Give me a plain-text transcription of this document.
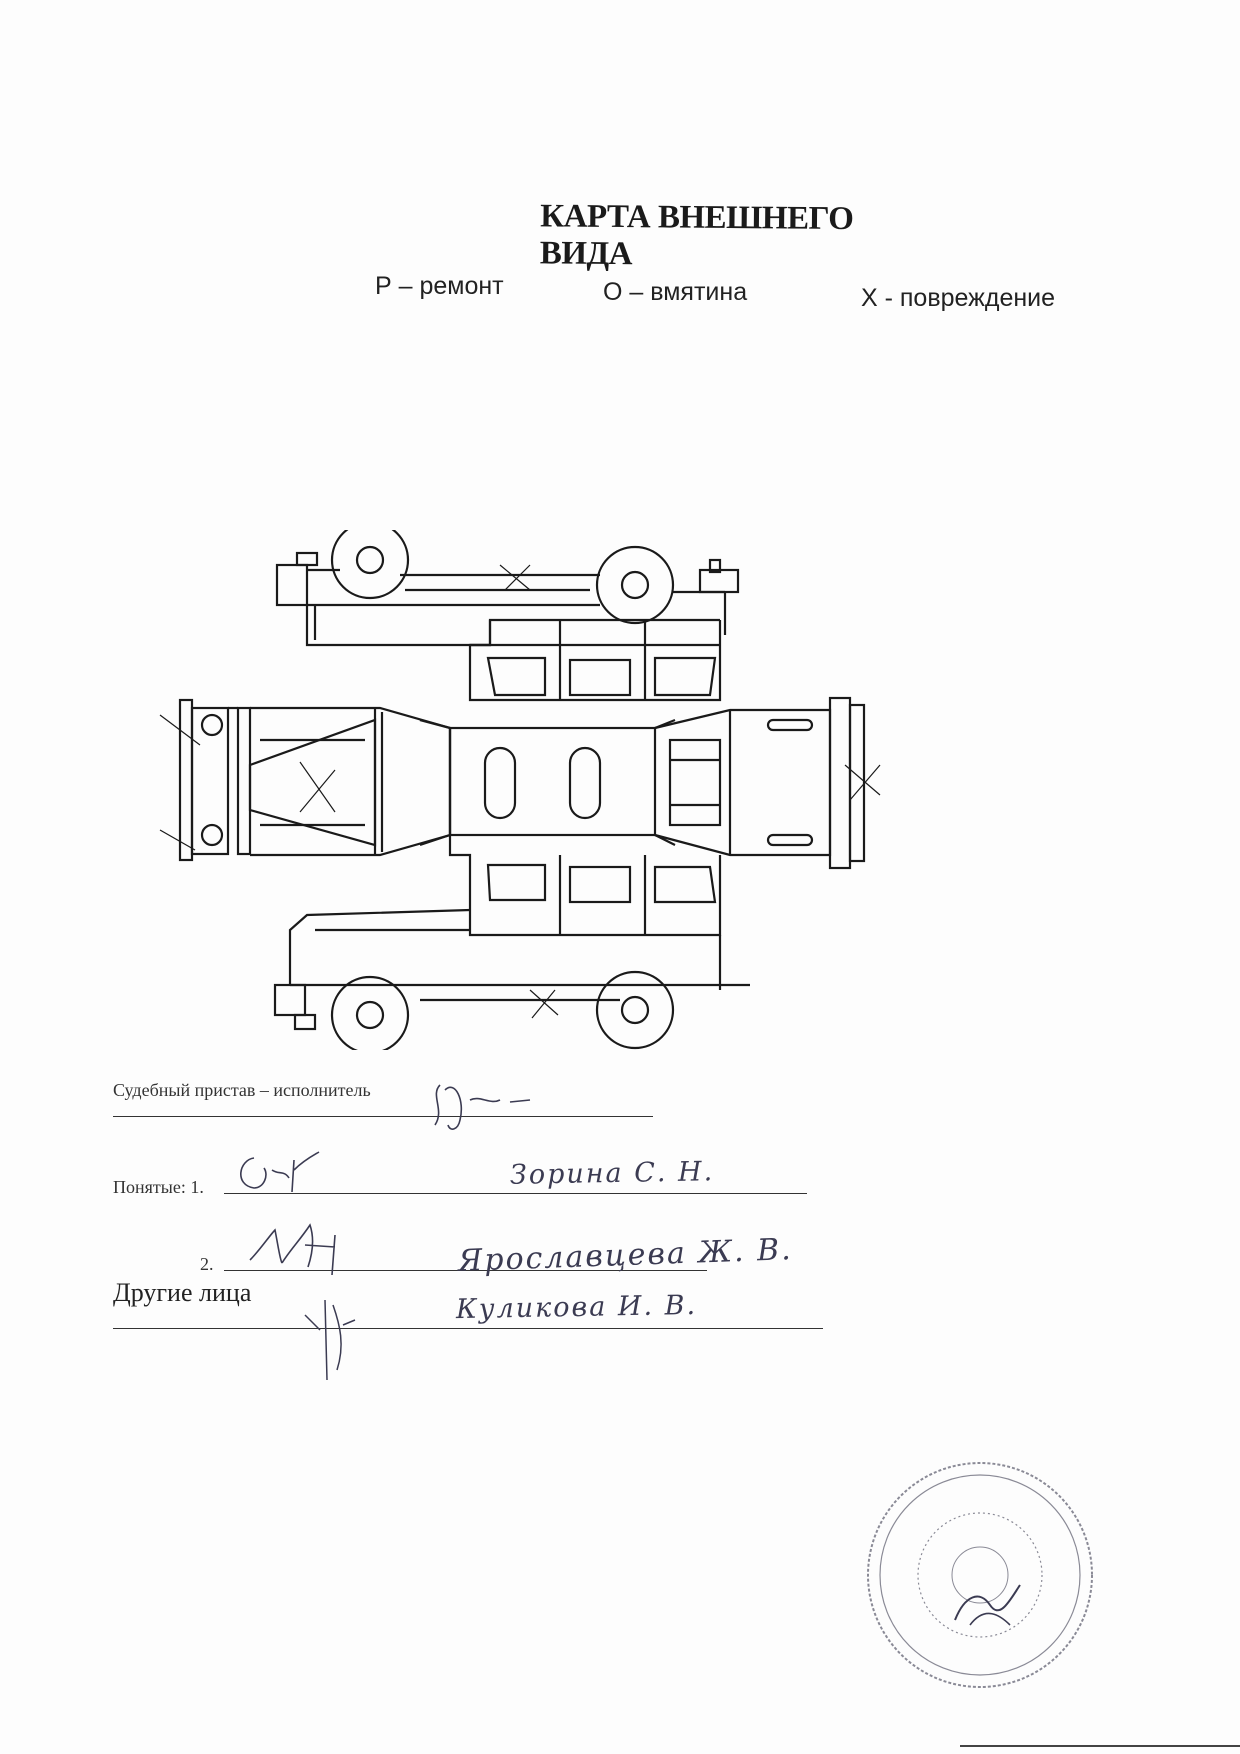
КАРТА ВНЕШНЕГО ВИДА
Р – ремонт	О – вмятина	Х - повреждение
Судебный пристав – исполнитель
Понятые: 1.	Зорина С. Н.
2.	Ярославцева Ж. В.
Другие лица	Куликова И. В.
